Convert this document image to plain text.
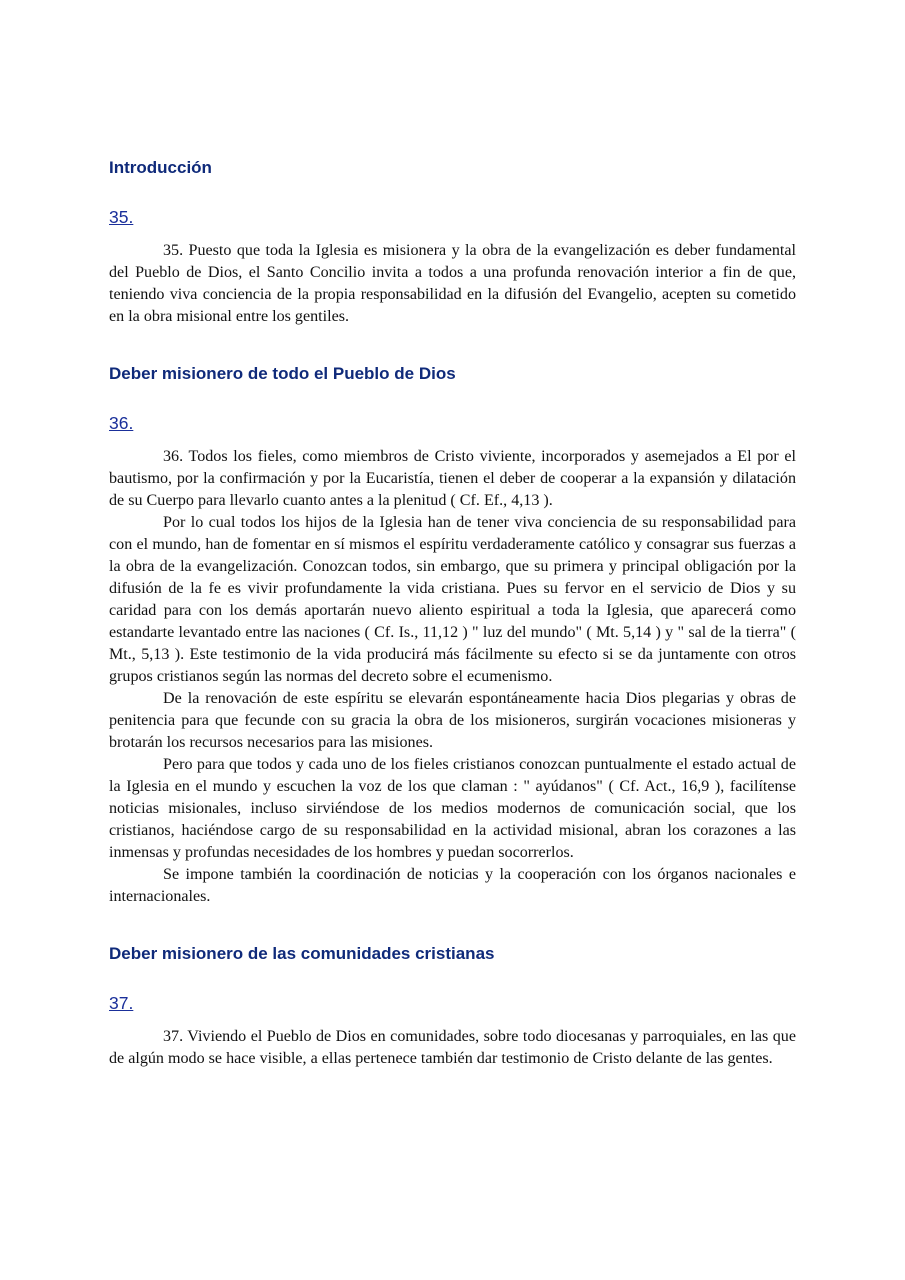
Introducción
35.

35. Puesto que toda la Iglesia es misionera y la obra de la evangelización es deber fundamental del Pueblo de Dios, el Santo Concilio invita a todos a una profunda renovación interior a fin de que, teniendo viva conciencia de la propia responsabilidad en la difusión del Evangelio, acepten su cometido en la obra misional entre los gentiles.

Deber misionero de todo el Pueblo de Dios
36.

36. Todos los fieles, como miembros de Cristo viviente, incorporados y asemejados a El por el bautismo, por la confirmación y por la Eucaristía, tienen el deber de cooperar a la expansión y dilatación de su Cuerpo para llevarlo cuanto antes a la plenitud ( Cf. Ef., 4,13 ).

Por lo cual todos los hijos de la Iglesia han de tener viva conciencia de su responsabilidad para con el mundo, han de fomentar en sí mismos el espíritu verdaderamente católico y consagrar sus fuerzas a la obra de la evangelización. Conozcan todos, sin embargo, que su primera y principal obligación por la difusión de la fe es vivir profundamente la vida cristiana. Pues su fervor en el servicio de Dios y su caridad para con los demás aportarán nuevo aliento espiritual a toda la Iglesia, que aparecerá como estandarte levantado entre las naciones ( Cf. Is., 11,12 ) " luz del mundo" ( Mt. 5,14 ) y " sal de la tierra" ( Mt., 5,13 ). Este testimonio de la vida producirá más fácilmente su efecto si se da juntamente con otros grupos cristianos según las normas del decreto sobre el ecumenismo.

De la renovación de este espíritu se elevarán espontáneamente hacia Dios plegarias y obras de penitencia para que fecunde con su gracia la obra de los misioneros, surgirán vocaciones misioneras y brotarán los recursos necesarios para las misiones.

Pero para que todos y cada uno de los fieles cristianos conozcan puntualmente el estado actual de la Iglesia en el mundo y escuchen la voz de los que claman : " ayúdanos" ( Cf. Act., 16,9 ), facilítense noticias misionales, incluso sirviéndose de los medios modernos de comunicación social, que los cristianos, haciéndose cargo de su responsabilidad en la actividad misional, abran los corazones a las inmensas y profundas necesidades de los hombres y puedan socorrerlos.

Se impone también la coordinación de noticias y la cooperación con los órganos nacionales e internacionales.

Deber misionero de las comunidades cristianas
37.

37. Viviendo el Pueblo de Dios en comunidades, sobre todo diocesanas y parroquiales, en las que de algún modo se hace visible, a ellas pertenece también dar testimonio de Cristo delante de las gentes.
